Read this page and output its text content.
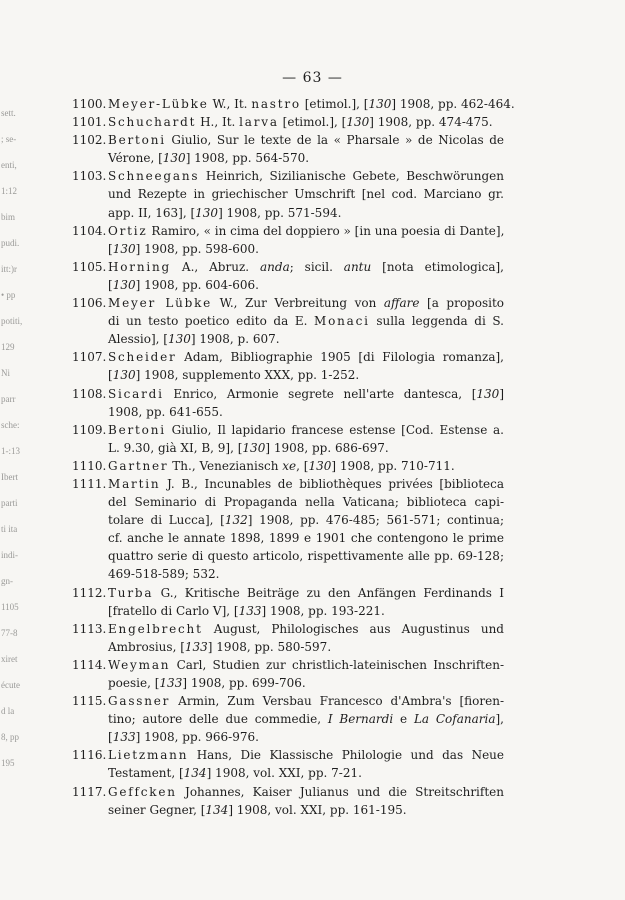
— 63 —
sett.
; se-
enti,
1:12
bim
pudi.
itt:)r
• pp
potiti,
129
Ni
parr
sche:
1-:13
Ibert
parti
ti ita
indi-
gn-
1105
77-8
xiret
écute
d la
8, pp
195
1100. Meyer-Lübke W., It. nastro [etimol.], [130] 1908, pp. 462-464.
1101. Schuchardt H., It. larva [etimol.], [130] 1908, pp. 474-475.
1102. Bertoni Giulio, Sur le texte de la « Pharsale » de Nicolas de
Vérone, [130] 1908, pp. 564-570.
1103. Schneegans Heinrich, Sizilianische Gebete, Beschwörungen
und Rezepte in griechischer Umschrift [nel cod. Marciano gr.
app. II, 163], [130] 1908, pp. 571-594.
1104. Ortiz Ramiro, « in cima del doppiero » [in una poesia di Dante],
[130] 1908, pp. 598-600.
1105. Horning A., Abruz. anda; sicil. antu [nota etimologica],
[130] 1908, pp. 604-606.
1106. Meyer Lübke W., Zur Verbreitung von affare [a proposito
di un testo poetico edito da E. Monaci sulla leggenda di S.
Alessio], [130] 1908, p. 607.
1107. Scheider Adam, Bibliographie 1905 [di Filologia romanza],
[130] 1908, supplemento XXX, pp. 1-252.
1108. Sicardi Enrico, Armonie segrete nell'arte dantesca, [130]
1908, pp. 641-655.
1109. Bertoni Giulio, Il lapidario francese estense [Cod. Estense a.
L. 9.30, già XI, B, 9], [130] 1908, pp. 686-697.
1110. Gartner Th., Venezianisch xe, [130] 1908, pp. 710-711.
1111. Martin J. B., Incunables de bibliothèques privées [biblioteca
del Seminario di Propaganda nella Vaticana; biblioteca capi-
tolare di Lucca], [132] 1908, pp. 476-485; 561-571; continua;
cf. anche le annate 1898, 1899 e 1901 che contengono le prime
quattro serie di questo articolo, rispettivamente alle pp. 69-128;
469-518-589; 532.
1112. Turba G., Kritische Beiträge zu den Anfängen Ferdinands I
[fratello di Carlo V], [133] 1908, pp. 193-221.
1113. Engelbrecht August, Philologisches aus Augustinus und
Ambrosius, [133] 1908, pp. 580-597.
1114. Weyman Carl, Studien zur christlich-lateinischen Inschriften-
poesie, [133] 1908, pp. 699-706.
1115. Gassner Armin, Zum Versbau Francesco d'Ambra's [fioren-
tino; autore delle due commedie, I Bernardi e La Cofanaria],
[133] 1908, pp. 966-976.
1116. Lietzmann Hans, Die Klassische Philologie und das Neue
Testament, [134] 1908, vol. XXI, pp. 7-21.
1117. Geffcken Johannes, Kaiser Julianus und die Streitschriften
seiner Gegner, [134] 1908, vol. XXI, pp. 161-195.
